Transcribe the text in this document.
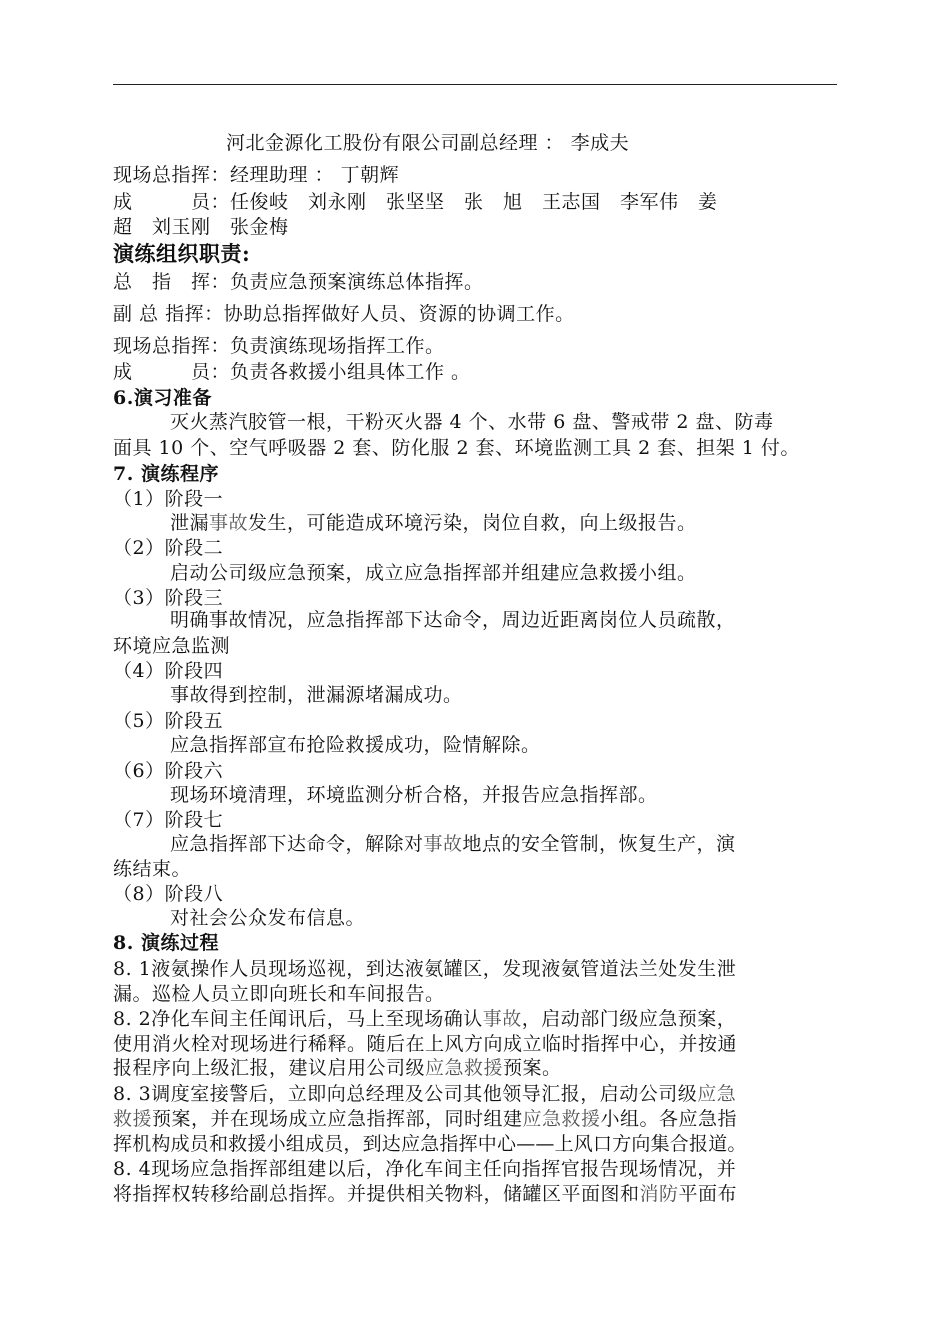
河北金源化工股份有限公司副总经理 ： 李成夫
现场总指挥：经理助理 ： 丁朝辉
成　　　员：任俊岐　刘永刚　张坚坚　张　旭　王志国　李军伟　姜
超　刘玉刚　张金梅
演练组织职责:
总　指　挥：负责应急预案演练总体指挥。
副 总 指挥：协助总指挥做好人员、资源的协调工作。
现场总指挥：负责演练现场指挥工作。
成　　　员：负责各救援小组具体工作 。
6.演习准备
灭火蒸汽胶管一根，干粉灭火器 4 个、水带 6 盘、警戒带 2 盘、防毒
面具 10 个、空气呼吸器 2 套、防化服 2 套、环境监测工具 2 套、担架 1 付。
7. 演练程序
（1）阶段一
泄漏事故发生，可能造成环境污染，岗位自救，向上级报告。
（2）阶段二
启动公司级应急预案，成立应急指挥部并组建应急救援小组。
（3）阶段三
明确事故情况，应急指挥部下达命令，周边近距离岗位人员疏散，
环境应急监测
（4）阶段四
事故得到控制，泄漏源堵漏成功。
（5）阶段五
应急指挥部宣布抢险救援成功，险情解除。
（6）阶段六
现场环境清理，环境监测分析合格，并报告应急指挥部。
（7）阶段七
应急指挥部下达命令，解除对事故地点的安全管制，恢复生产，演
练结束。
（8）阶段八
对社会公众发布信息。
8. 演练过程
8. 1液氨操作人员现场巡视，到达液氨罐区，发现液氨管道法兰处发生泄
漏。巡检人员立即向班长和车间报告。
8. 2净化车间主任闻讯后，马上至现场确认事故，启动部门级应急预案，
使用消火栓对现场进行稀释。随后在上风方向成立临时指挥中心，并按通
报程序向上级汇报，建议启用公司级应急救援预案。
8. 3调度室接警后，立即向总经理及公司其他领导汇报，启动公司级应急
救援预案，并在现场成立应急指挥部，同时组建应急救援小组。各应急指
挥机构成员和救援小组成员，到达应急指挥中心——上风口方向集合报道。
8. 4现场应急指挥部组建以后，净化车间主任向指挥官报告现场情况，并
将指挥权转移给副总指挥。并提供相关物料，储罐区平面图和消防平面布
